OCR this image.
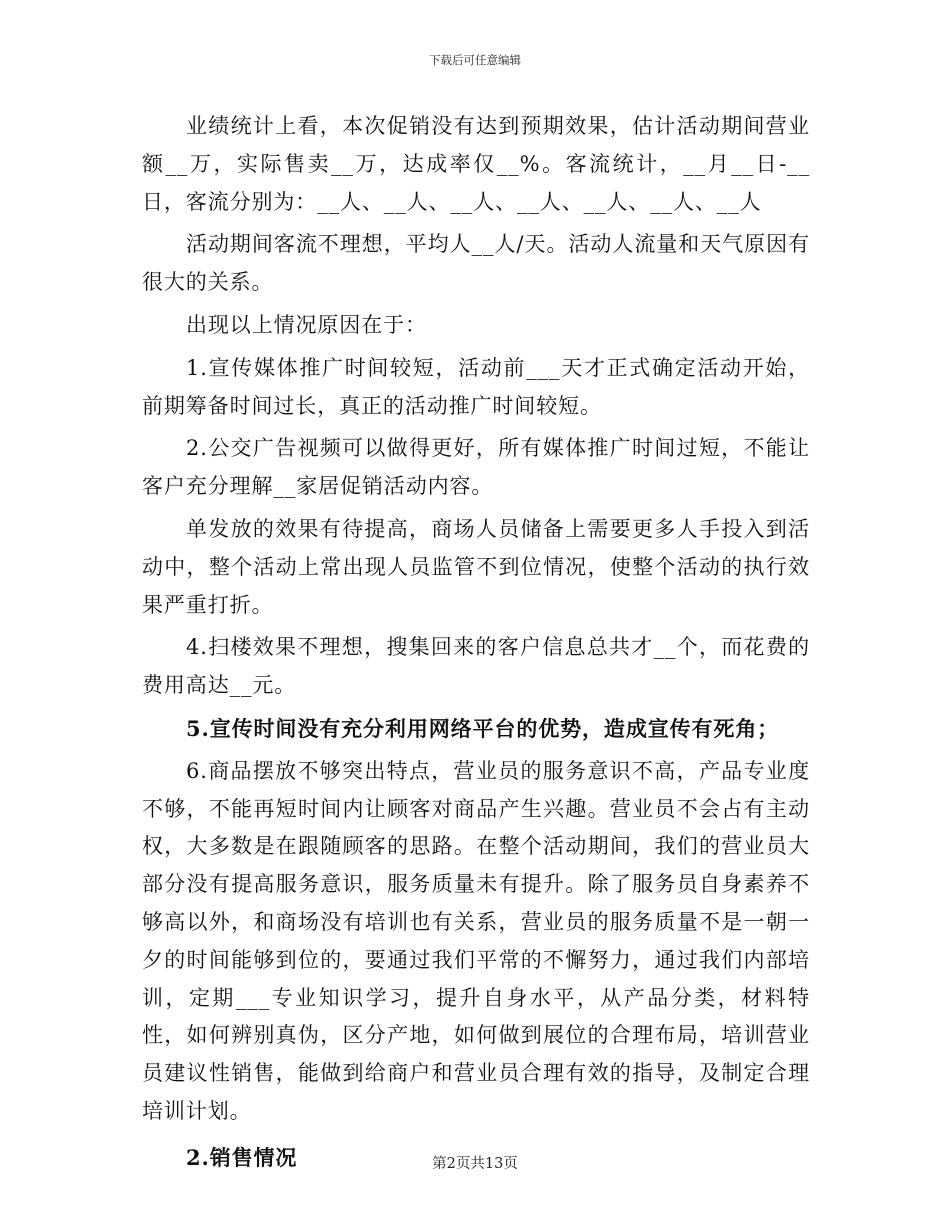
下载后可任意编辑

业绩统计上看，本次促销没有达到预期效果，估计活动期间营业额__万，实际售卖__万，达成率仅__%。客流统计，__月__日-__日，客流分别为：__人、__人、__人、__人、__人、__人、__人

活动期间客流不理想，平均人__人/天。活动人流量和天气原因有很大的关系。

出现以上情况原因在于：

1.宣传媒体推广时间较短，活动前___天才正式确定活动开始，前期筹备时间过长，真正的活动推广时间较短。

2.公交广告视频可以做得更好，所有媒体推广时间过短，不能让客户充分理解__家居促销活动内容。

单发放的效果有待提高，商场人员储备上需要更多人手投入到活动中，整个活动上常出现人员监管不到位情况，使整个活动的执行效果严重打折。

4.扫楼效果不理想，搜集回来的客户信息总共才__个，而花费的费用高达__元。

5.宣传时间没有充分利用网络平台的优势，造成宣传有死角；

6.商品摆放不够突出特点，营业员的服务意识不高，产品专业度不够，不能再短时间内让顾客对商品产生兴趣。营业员不会占有主动权，大多数是在跟随顾客的思路。在整个活动期间，我们的营业员大部分没有提高服务意识，服务质量未有提升。除了服务员自身素养不够高以外，和商场没有培训也有关系，营业员的服务质量不是一朝一夕的时间能够到位的，要通过我们平常的不懈努力，通过我们内部培训，定期___专业知识学习，提升自身水平，从产品分类，材料特性，如何辨别真伪，区分产地，如何做到展位的合理布局，培训营业员建议性销售，能做到给商户和营业员合理有效的指导，及制定合理培训计划。

2.销售情况	第2页共13页
